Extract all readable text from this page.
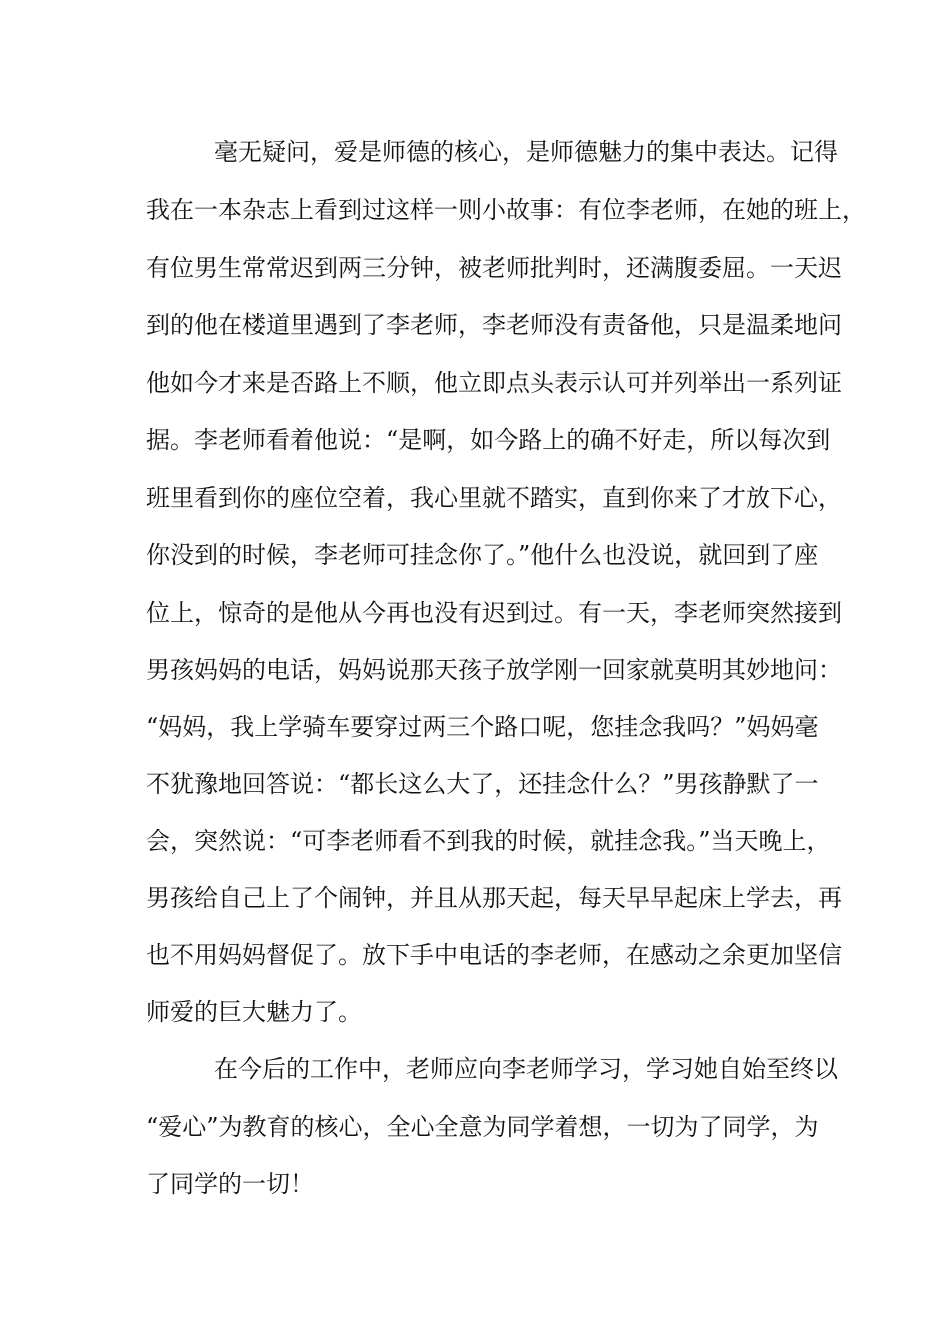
毫无疑问，爱是师德的核心，是师德魅力的集中表达。记得
我在一本杂志上看到过这样一则小故事：有位李老师，在她的班上，
有位男生常常迟到两三分钟，被老师批判时，还满腹委屈。一天迟
到的他在楼道里遇到了李老师，李老师没有责备他，只是温柔地问
他如今才来是否路上不顺，他立即点头表示认可并列举出一系列证
据。李老师看着他说：“是啊，如今路上的确不好走，所以每次到
班里看到你的座位空着，我心里就不踏实，直到你来了才放下心，
你没到的时候，李老师可挂念你了。”他什么也没说，就回到了座
位上，惊奇的是他从今再也没有迟到过。有一天，李老师突然接到
男孩妈妈的电话，妈妈说那天孩子放学刚一回家就莫明其妙地问：
“妈妈，我上学骑车要穿过两三个路口呢，您挂念我吗？”妈妈毫
不犹豫地回答说：“都长这么大了，还挂念什么？”男孩静默了一
会，突然说：“可李老师看不到我的时候，就挂念我。”当天晚上，
男孩给自己上了个闹钟，并且从那天起，每天早早起床上学去，再
也不用妈妈督促了。放下手中电话的李老师，在感动之余更加坚信
师爱的巨大魅力了。
在今后的工作中，老师应向李老师学习，学习她自始至终以
“爱心”为教育的核心，全心全意为同学着想，一切为了同学，为
了同学的一切！
